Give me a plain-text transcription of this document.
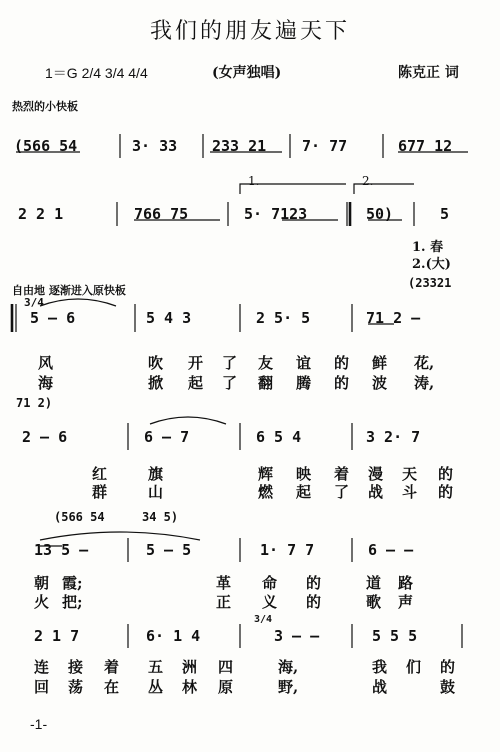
我们的朋友遍天下
1＝G 2/4 3/4 4/4	(女声独唱)	陈克正 词
热烈的小快板
(566 54	3· 33 233 21 7· 77	677 12
1.	2.
2 2 1	766 75	5· 7123	50)	5
1. 春
2.(大)
自由地 逐渐进入原快板
(23321
3/4
5 — 6	5 4 3	2 5· 5	71 2 —
风	吹 开 了 友 谊 的 鲜 花,
海	掀 起 了 翻 腾 的 波 涛,
71 2)
2 — 6	6 — 7	6 5 4	3 2· 7
红	旗	辉 映 着 漫 天 的
群	山	燃 起 了 战 斗 的
(566 54	34 5)
13 5 —	5 — 5	1· 7 7	6 — —
朝 霞;	革 命 的	道 路
火 把;	正 义 的	歌 声
2 1 7	6· 1 4
3/4
3 — —	5 5 5
连 接 着 五 洲 四	海,	我 们 的
回 荡 在 丛 林 原	野,	战	鼓
-1-
